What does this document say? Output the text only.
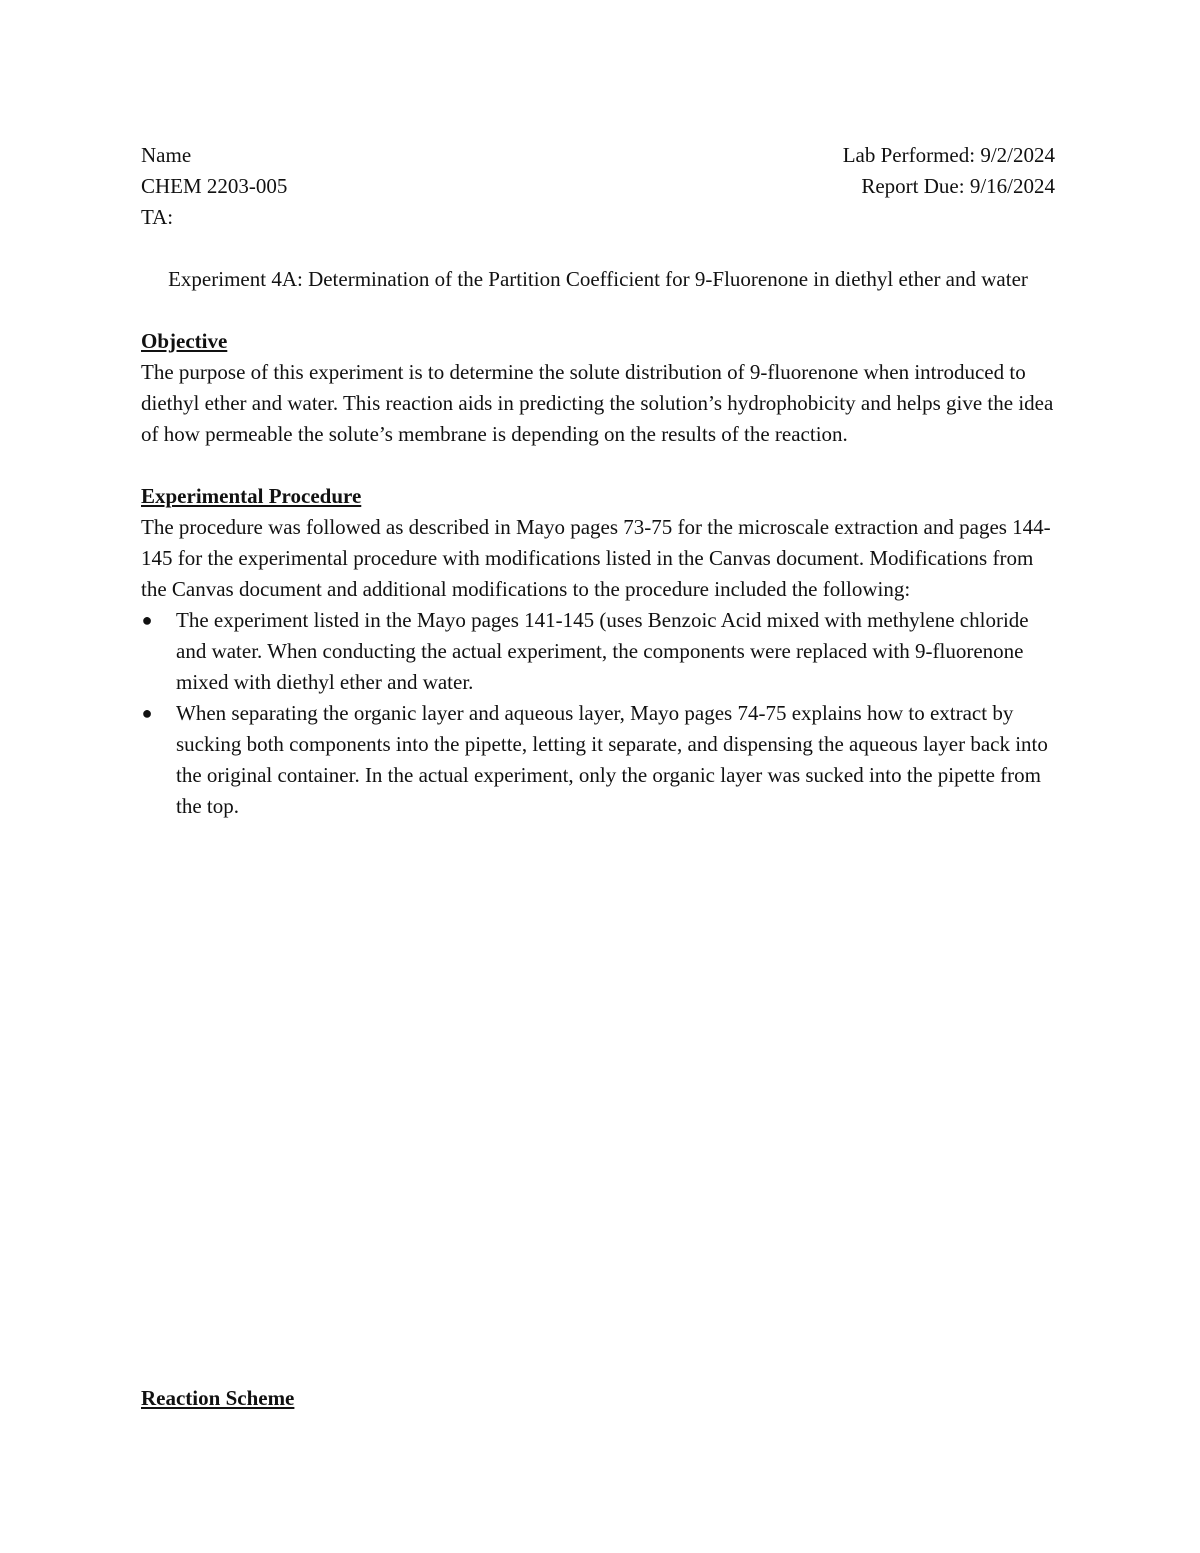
Name	Lab Performed: 9/2/2024
CHEM 2203-005	Report Due: 9/16/2024
TA:
Experiment 4A: Determination of the Partition Coefficient for 9-Fluorenone in diethyl ether and water
Objective

The purpose of this experiment is to determine the solute distribution of 9-fluorenone when introduced to diethyl ether and water. This reaction aids in predicting the solution’s hydrophobicity and helps give the idea of how permeable the solute’s membrane is depending on the results of the reaction.

Experimental Procedure

The procedure was followed as described in Mayo pages 73-75 for the microscale extraction and pages 144-145 for the experimental procedure with modifications listed in the Canvas document. Modifications from the Canvas document and additional modifications to the procedure included the following:

● The experiment listed in the Mayo pages 141-145 (uses Benzoic Acid mixed with methylene chloride and water. When conducting the actual experiment, the components were replaced with 9-fluorenone mixed with diethyl ether and water.
● When separating the organic layer and aqueous layer, Mayo pages 74-75 explains how to extract by sucking both components into the pipette, letting it separate, and dispensing the aqueous layer back into the original container. In the actual experiment, only the organic layer was sucked into the pipette from the top.
Reaction Scheme
